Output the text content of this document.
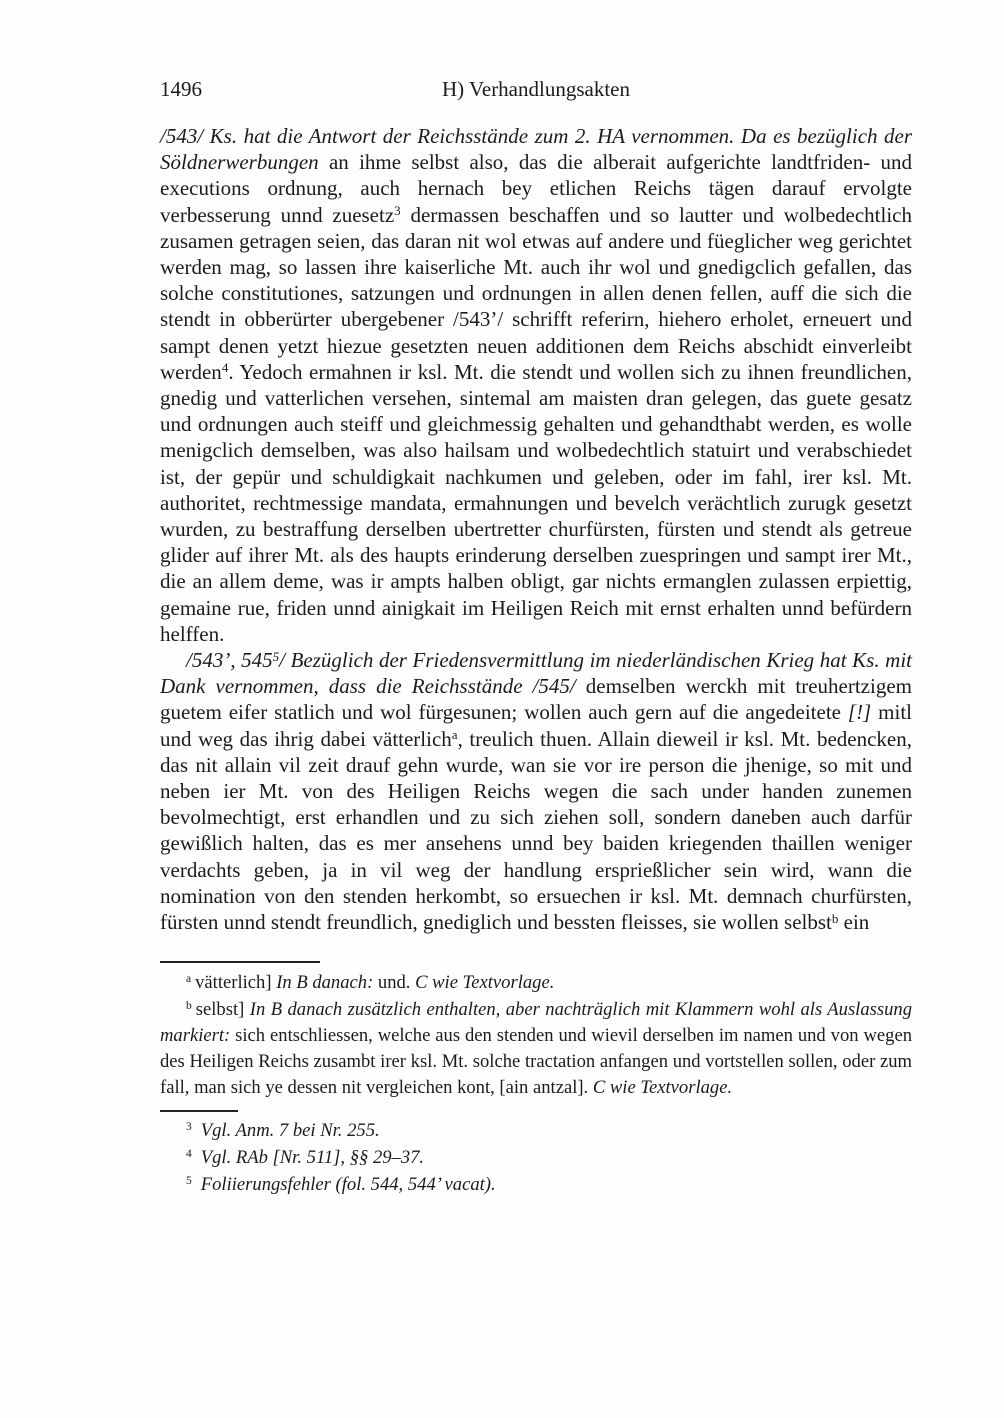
1496	H) Verhandlungsakten

/543/ Ks. hat die Antwort der Reichsstände zum 2. HA vernommen. Da es bezüglich der Söldnerwerbungen an ihme selbst also, das die alberait aufgerichte landtfriden- und executions ordnung, auch hernach bey etlichen Reichs tägen darauf ervolgte verbesserung unnd zuesetz$^3$ dermassen beschaffen und so lautter und wolbedechtlich zusamen getragen seien, das daran nit wol etwas auf andere und füeglicher weg gerichtet werden mag, so lassen ihre kaiserliche Mt. auch ihr wol und gnedigclich gefallen, das solche constitutiones, satzungen und ordnungen in allen denen fellen, auff die sich die stendt in obberürter ubergebener /543’/ schrifft referirn, hiehero erholet, erneuert und sampt denen yetzt hiezue gesetzten neuen additionen dem Reichs abschidt einverleibt werden$^4$. Yedoch ermahnen ir ksl. Mt. die stendt und wollen sich zu ihnen freundlichen, gnedig und vatterlichen versehen, sintemal am maisten dran gelegen, das guete gesatz und ordnungen auch steiff und gleichmessig gehalten und gehandthabt werden, es wolle menigclich demselben, was also hailsam und wolbedechtlich statuirt und verabschiedet ist, der gepür und schuldigkait nachkumen und geleben, oder im fahl, irer ksl. Mt. authoritet, rechtmessige mandata, ermahnungen und bevelch verächtlich zurugk gesetzt wurden, zu bestraffung derselben ubertretter churfürsten, fürsten und stendt als getreue glider auf ihrer Mt. als des haupts erinderung derselben zuespringen und sampt irer Mt., die an allem deme, was ir ampts halben obligt, gar nichts ermanglen zulassen erpiettig, gemaine rue, friden unnd ainigkait im Heiligen Reich mit ernst erhalten unnd befürdern helffen.

/543’, $545^5/$ Bezüglich der Friedensvermittlung im niederländischen Krieg hat Ks. mit Dank vernommen, dass die Reichsstände /545/ demselben werckh mit treuhertzigem guetem eifer statlich und wol fürgesunen; wollen auch gern auf die angedeitete [!] mitl und weg das ihrig dabei vätterlich$^a$, treulich thuen. Allain dieweil ir ksl. Mt. bedencken, das nit allain vil zeit drauf gehn wurde, wan sie vor ire person die jhenige, so mit und neben ier Mt. von des Heiligen Reichs wegen die sach under handen zunemen bevolmechtigt, erst erhandlen und zu sich ziehen soll, sondern daneben auch darfür gewißlich halten, das es mer ansehens unnd bey baiden kriegenden thaillen weniger verdachts geben, ja in vil weg der handlung ersprießlicher sein wird, wann die nomination von den stenden herkombt, so ersuechen ir ksl. Mt. demnach churfürsten, fürsten unnd stendt freundlich, gnediglich und bessten fleisses, sie wollen selbst$^b$ ein

$^a$ vätterlich] In B danach: und. C wie Textvorlage.

$^b$ selbst] In B danach zusätzlich enthalten, aber nachträglich mit Klammern wohl als Auslassung markiert: sich entschliessen, welche aus den stenden und wievil derselben im namen und von wegen des Heiligen Reichs zusambt irer ksl. Mt. solche tractation anfangen und vortstellen sollen, oder zum fall, man sich ye dessen nit vergleichen kont, [ain antzal]. C wie Textvorlage.

$^3$ Vgl. Anm. 7 bei Nr. 255.

$^4$ Vgl. RAb [Nr. 511], §§ 29–37.

$^5$ Foliierungsfehler (fol. 544, 544’ vacat).
